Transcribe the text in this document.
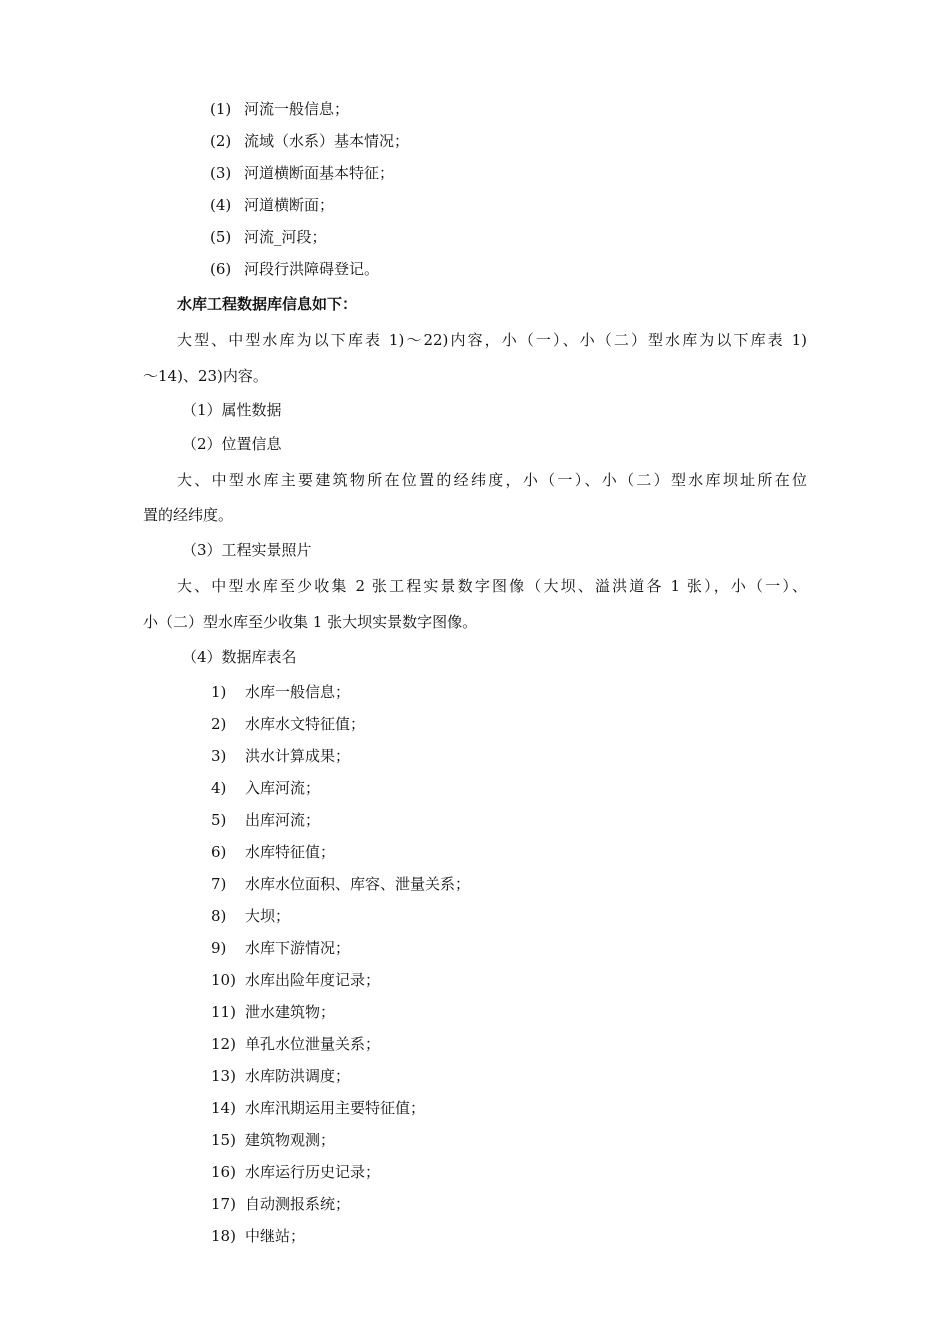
(1) 河流一般信息；
(2) 流域（水系）基本情况；
(3) 河道横断面基本特征；
(4) 河道横断面；
(5) 河流_河段；
(6) 河段行洪障碍登记。
水库工程数据库信息如下：
大型、中型水库为以下库表 1)～22)内容，小（一）、小（二）型水库为以下库表 1)
～14)、23)内容。
（1）属性数据
（2）位置信息
大、中型水库主要建筑物所在位置的经纬度，小（一）、小（二）型水库坝址所在位
置的经纬度。
（3）工程实景照片
大、中型水库至少收集 2 张工程实景数字图像（大坝、溢洪道各 1 张），小（一）、
小（二）型水库至少收集 1 张大坝实景数字图像。
（4）数据库表名
1) 水库一般信息；
2) 水库水文特征值；
3) 洪水计算成果；
4) 入库河流；
5) 出库河流；
6) 水库特征值；
7) 水库水位面积、库容、泄量关系；
8) 大坝；
9) 水库下游情况；
10) 水库出险年度记录；
11) 泄水建筑物；
12) 单孔水位泄量关系；
13) 水库防洪调度；
14) 水库汛期运用主要特征值；
15) 建筑物观测；
16) 水库运行历史记录；
17) 自动测报系统；
18) 中继站；
